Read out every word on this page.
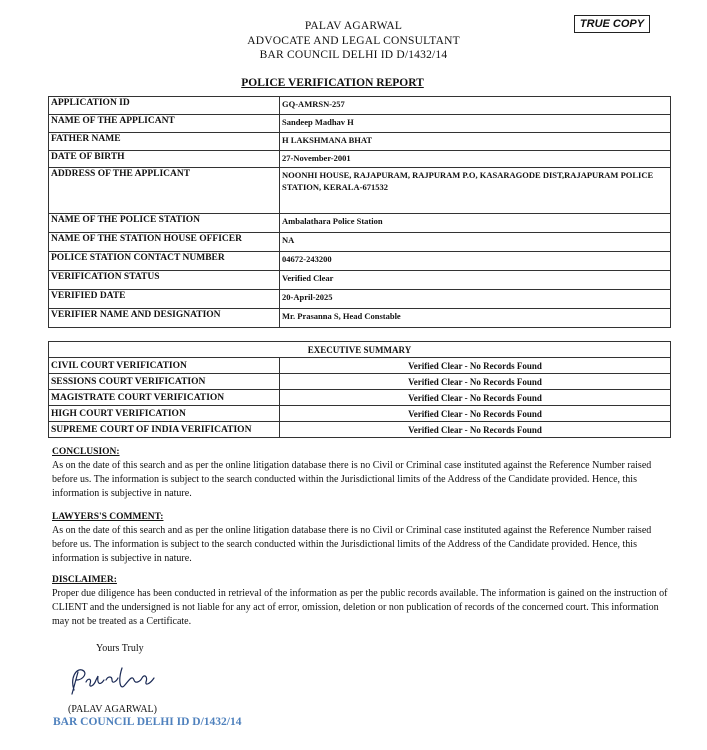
PALAV AGARWAL
ADVOCATE AND LEGAL CONSULTANT
BAR COUNCIL DELHI ID D/1432/14
TRUE COPY
POLICE VERIFICATION REPORT
APPLICATION ID	GQ-AMRSN-257
NAME OF THE APPLICANT	Sandeep Madhav H
FATHER NAME	H LAKSHMANA BHAT
DATE OF BIRTH	27-November-2001
ADDRESS OF THE APPLICANT	NOONHI HOUSE, RAJAPURAM, RAJPURAM P.O, KASARAGODE DIST,RAJAPURAM POLICE STATION, KERALA-671532
NAME OF THE POLICE STATION	Ambalathara Police Station
NAME OF THE STATION HOUSE OFFICER	NA
POLICE STATION CONTACT NUMBER	04672-243200
VERIFICATION STATUS	Verified Clear
VERIFIED DATE	20-April-2025
VERIFIER NAME AND DESIGNATION	Mr. Prasanna S, Head Constable
EXECUTIVE SUMMARY	
CIVIL COURT VERIFICATION	Verified Clear - No Records Found
SESSIONS COURT VERIFICATION	Verified Clear - No Records Found
MAGISTRATE COURT VERIFICATION	Verified Clear - No Records Found
HIGH COURT VERIFICATION	Verified Clear - No Records Found
SUPREME COURT OF INDIA VERIFICATION	Verified Clear - No Records Found
CONCLUSION:
As on the date of this search and as per the online litigation database there is no Civil or Criminal case instituted against the Reference Number raised before us. The information is subject to the search conducted within the Jurisdictional limits of the Address of the Candidate provided. Hence, this information is subjective in nature.
LAWYERS'S COMMENT:
As on the date of this search and as per the online litigation database there is no Civil or Criminal case instituted against the Reference Number raised before us. The information is subject to the search conducted within the Jurisdictional limits of the Address of the Candidate provided. Hence, this information is subjective in nature.
DISCLAIMER:
Proper due diligence has been conducted in retrieval of the information as per the public records available. The information is gained on the instruction of CLIENT and the undersigned is not liable for any act of error, omission, deletion or non publication of records of the concerned court. This information may not be treated as a Certificate.
Yours Truly
(PALAV AGARWAL)
BAR COUNCIL DELHI ID D/1432/14
